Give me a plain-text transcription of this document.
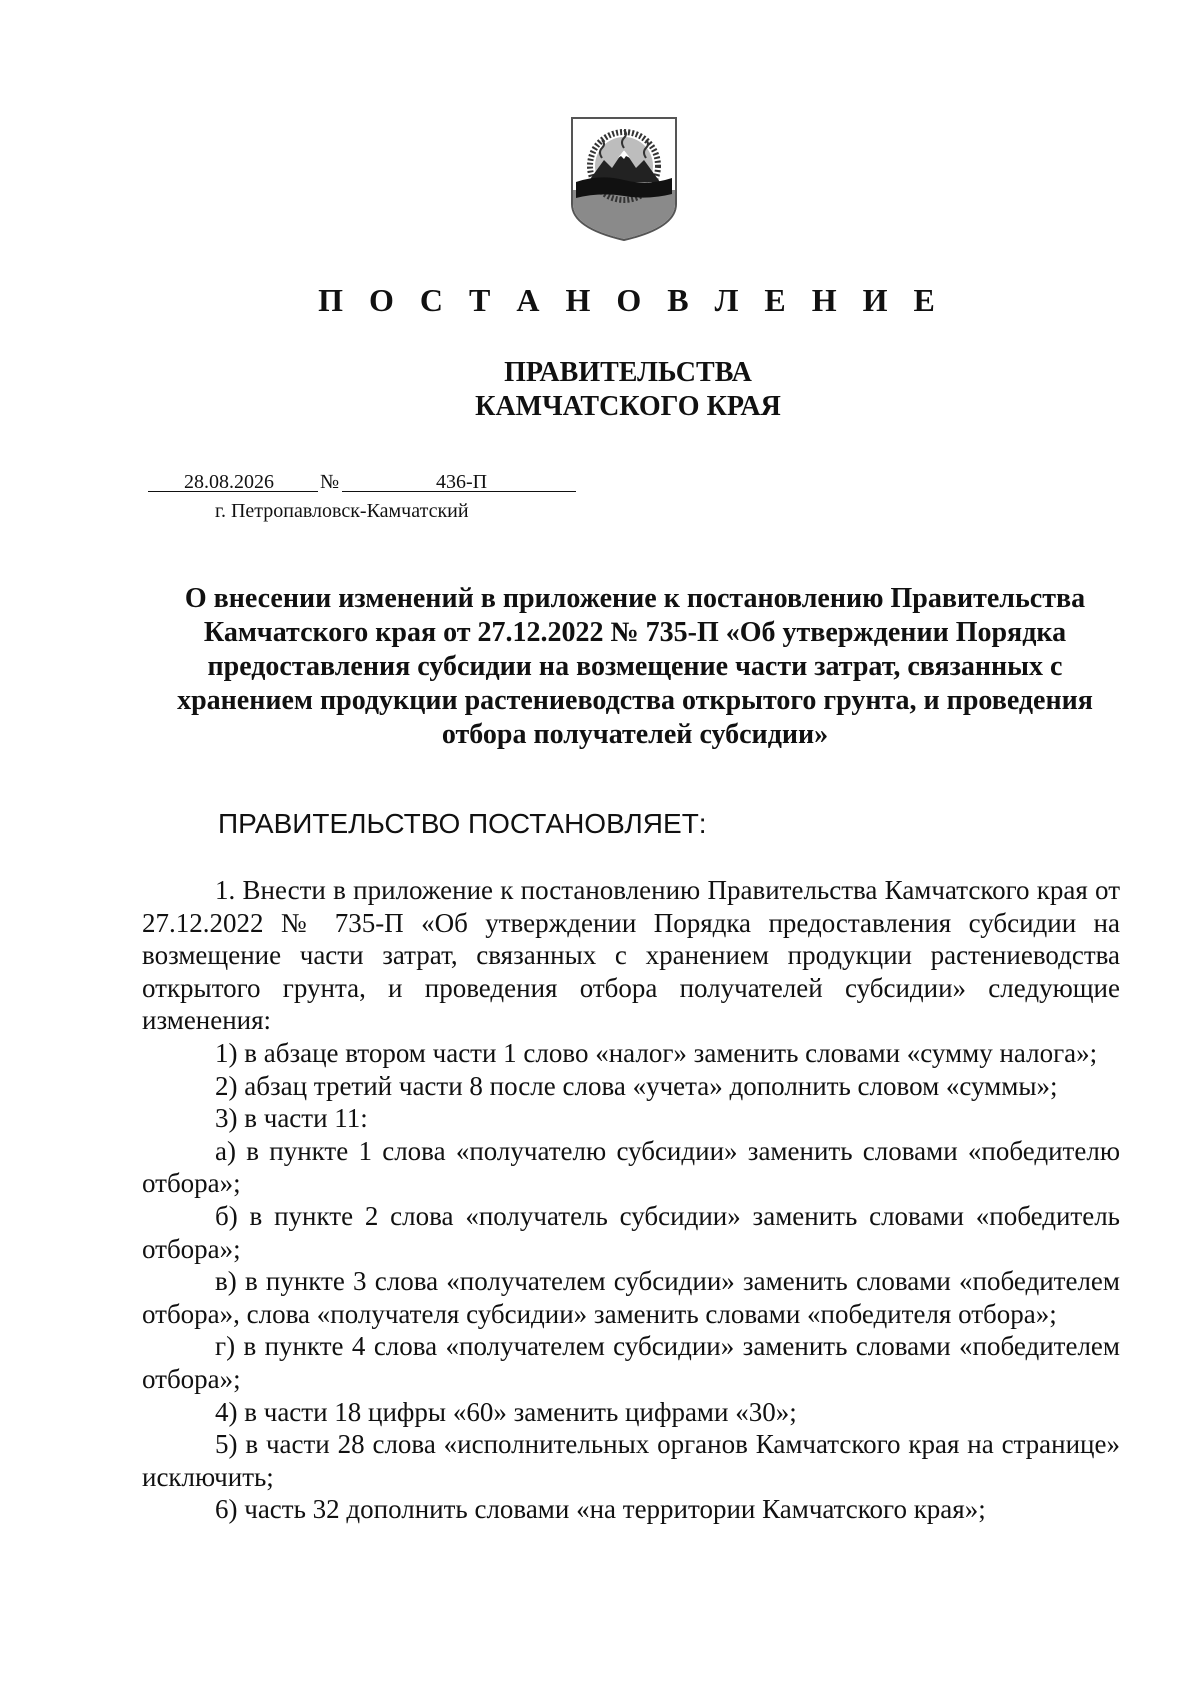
П О С Т А Н О В Л Е Н И Е
ПРАВИТЕЛЬСТВА
КАМЧАТСКОГО КРАЯ
28.08.2026 №	436-П
г. Петропавловск-Камчатский
О внесении изменений в приложение к постановлению Правительства Камчатского края от 27.12.2022 № 735-П «Об утверждении Порядка предоставления субсидии на возмещение части затрат, связанных с хранением продукции растениеводства открытого грунта, и проведения отбора получателей субсидии»
ПРАВИТЕЛЬСТВО ПОСТАНОВЛЯЕТ:

1. Внести в приложение к постановлению Правительства Камчатского края от 27.12.2022 № 735-П «Об утверждении Порядка предоставления субсидии на возмещение части затрат, связанных с хранением продукции растениеводства открытого грунта, и проведения отбора получателей субсидии» следующие изменения:

1) в абзаце втором части 1 слово «налог» заменить словами «сумму налога»;

2) абзац третий части 8 после слова «учета» дополнить словом «суммы»;

3) в части 11:

а) в пункте 1 слова «получателю субсидии» заменить словами «победителю отбора»;

б) в пункте 2 слова «получатель субсидии» заменить словами «победитель отбора»;

в) в пункте 3 слова «получателем субсидии» заменить словами «победителем отбора», слова «получателя субсидии» заменить словами «победителя отбора»;

г) в пункте 4 слова «получателем субсидии» заменить словами «победителем отбора»;

4) в части 18 цифры «60» заменить цифрами «30»;

5) в части 28 слова «исполнительных органов Камчатского края на странице» исключить;

6) часть 32 дополнить словами «на территории Камчатского края»;
